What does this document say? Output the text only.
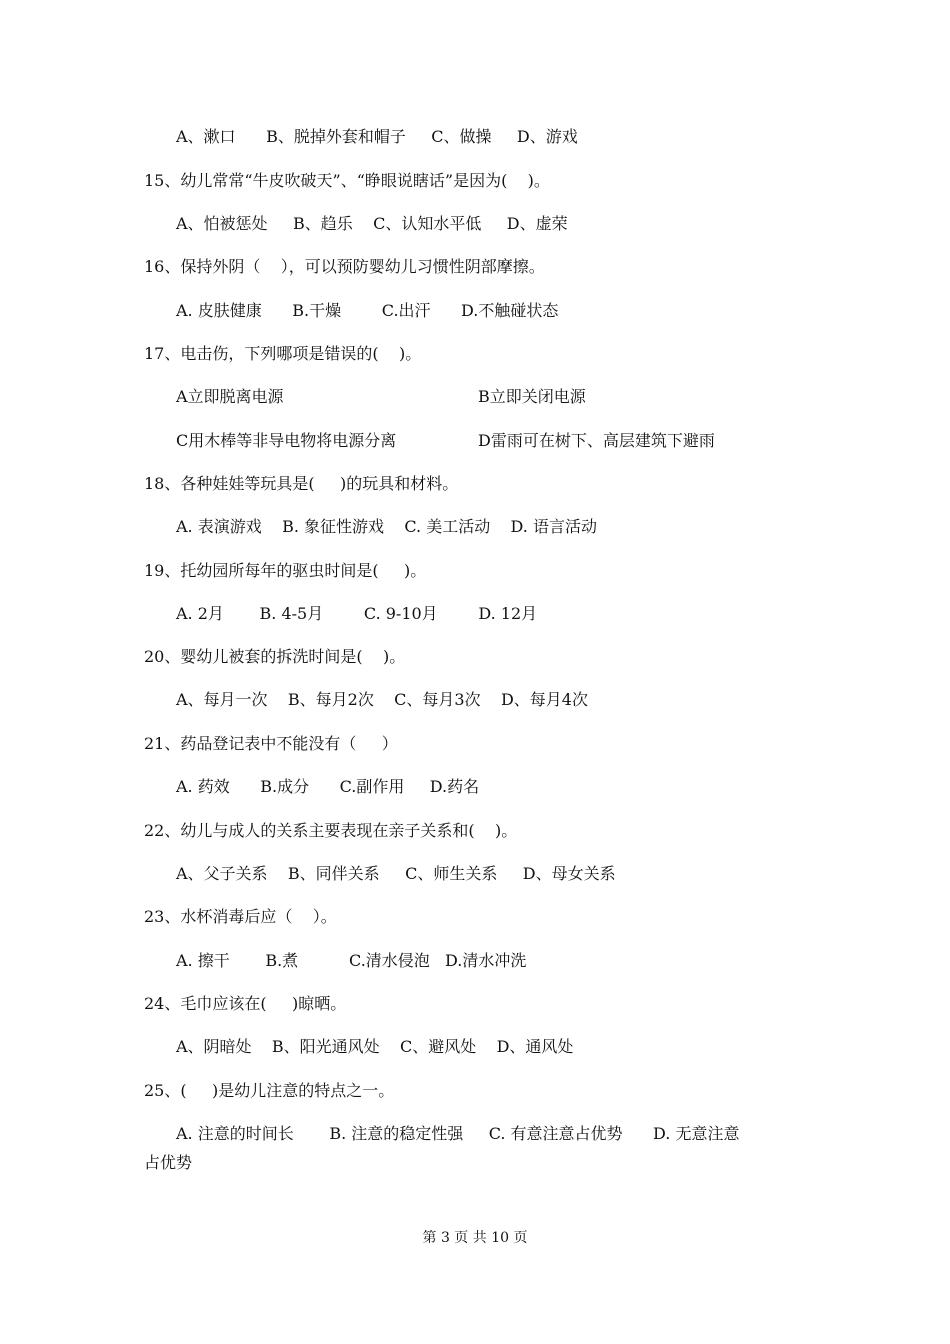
A、漱口      B、脱掉外套和帽子     C、做操     D、游戏
15、幼儿常常“牛皮吹破天”、“睁眼说瞎话”是因为(    )。
A、怕被惩处     B、趋乐    C、认知水平低     D、虚荣
16、保持外阴（    ），可以预防婴幼儿习惯性阴部摩擦。
A. 皮肤健康      B.干燥        C.出汗      D.不触碰状态
17、电击伤，下列哪项是错误的(    )。
A立即脱离电源	B立即关闭电源
C用木棒等非导电物将电源分离	D雷雨可在树下、高层建筑下避雨
18、各种娃娃等玩具是(     )的玩具和材料。
A. 表演游戏    B. 象征性游戏    C. 美工活动    D. 语言活动
19、托幼园所每年的驱虫时间是(     )。
A. 2月       B. 4-5月        C. 9-10月        D. 12月
20、婴幼儿被套的拆洗时间是(    )。
A、每月一次    B、每月2次    C、每月3次    D、每月4次
21、药品登记表中不能没有（     ）
A. 药效      B.成分      C.副作用     D.药名
22、幼儿与成人的关系主要表现在亲子关系和(    )。
A、父子关系    B、同伴关系     C、师生关系     D、母女关系
23、水杯消毒后应（    ）。
A. 擦干       B.煮          C.清水侵泡   D.清水冲洗
24、毛巾应该在(     )晾晒。
A、阴暗处    B、阳光通风处    C、避风处    D、通风处
25、(     )是幼儿注意的特点之一。
A. 注意的时间长       B. 注意的稳定性强     C. 有意注意占优势      D. 无意注意
占优势
第 3 页 共 10 页
